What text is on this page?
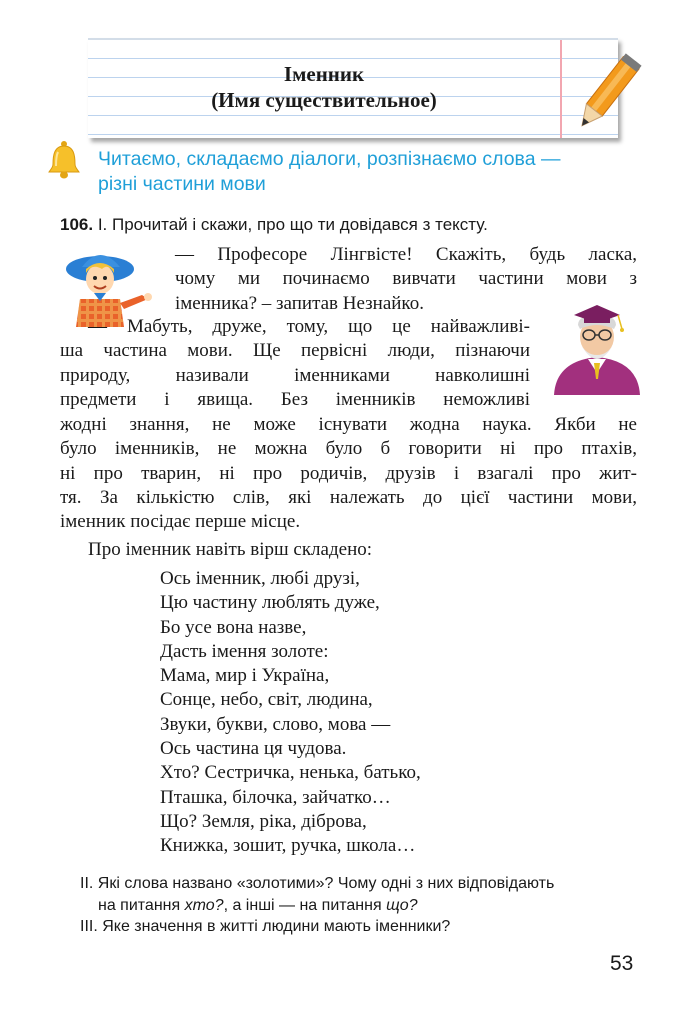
Іменник
(Имя существительное)
Читаємо, складаємо діалоги, розпізнаємо слова —
різні частини мови
106. І. Прочитай і скажи, про що ти довідався з тексту.
— Професоре Лінгвісте! Скажіть, будь ласка,
чому ми починаємо вивчати частини мови з
іменника? – запитав Незнайко.
— Мабуть, друже, тому, що це найважливі-
ша частина мови. Ще первісні люди, пізнаючи
природу, називали іменниками навколишні
предмети і явища. Без іменників неможливі
жодні знання, не може існувати жодна наука. Якби не
було іменників, не можна було б говорити ні про птахів,
ні про тварин, ні про родичів, друзів і взагалі про жит-
тя. За кількістю слів, які належать до цієї частини мови,
іменник посідає перше місце.
Про іменник навіть вірш складено:
Ось іменник, любі друзі,
Цю частину люблять дуже,
Бо усе вона назве,
Дасть імення золоте:
Мама, мир і Україна,
Сонце, небо, світ, людина,
Звуки, букви, слово, мова —
Ось частина ця чудова.
Хто? Сестричка, ненька, батько,
Пташка, білочка, зайчатко…
Що? Земля, ріка, діброва,
Книжка, зошит, ручка, школа…
ІІ. Які слова названо «золотими»? Чому одні з них відповідають
на питання хто?, а інші — на питання що?
ІІІ. Яке значення в житті людини мають іменники?
53
